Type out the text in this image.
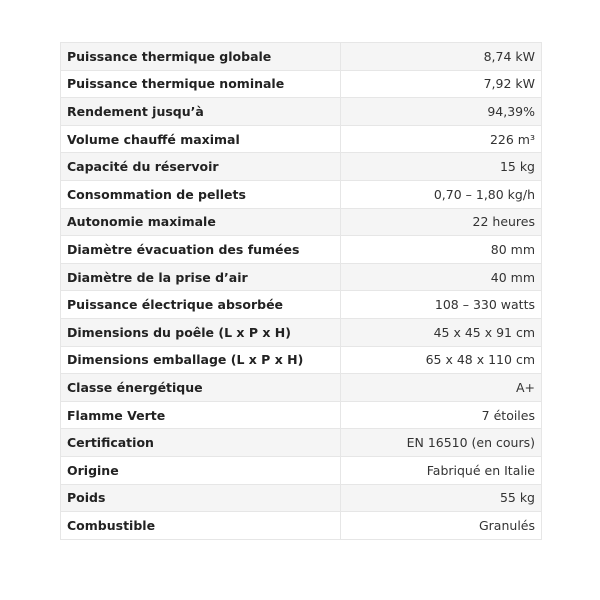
Puissance thermique globale	8,74 kW
Puissance thermique nominale	7,92 kW
Rendement jusqu’à	94,39%
Volume chauffé maximal	226 m³
Capacité du réservoir	15 kg
Consommation de pellets	0,70 – 1,80 kg/h
Autonomie maximale	22 heures
Diamètre évacuation des fumées	80 mm
Diamètre de la prise d’air	40 mm
Puissance électrique absorbée	108 – 330 watts
Dimensions du poêle (L x P x H)	45 x 45 x 91 cm
Dimensions emballage (L x P x H)	65 x 48 x 110 cm
Classe énergétique	A+
Flamme Verte	7 étoiles
Certification	EN 16510 (en cours)
Origine	Fabriqué en Italie
Poids	55 kg
Combustible	Granulés
